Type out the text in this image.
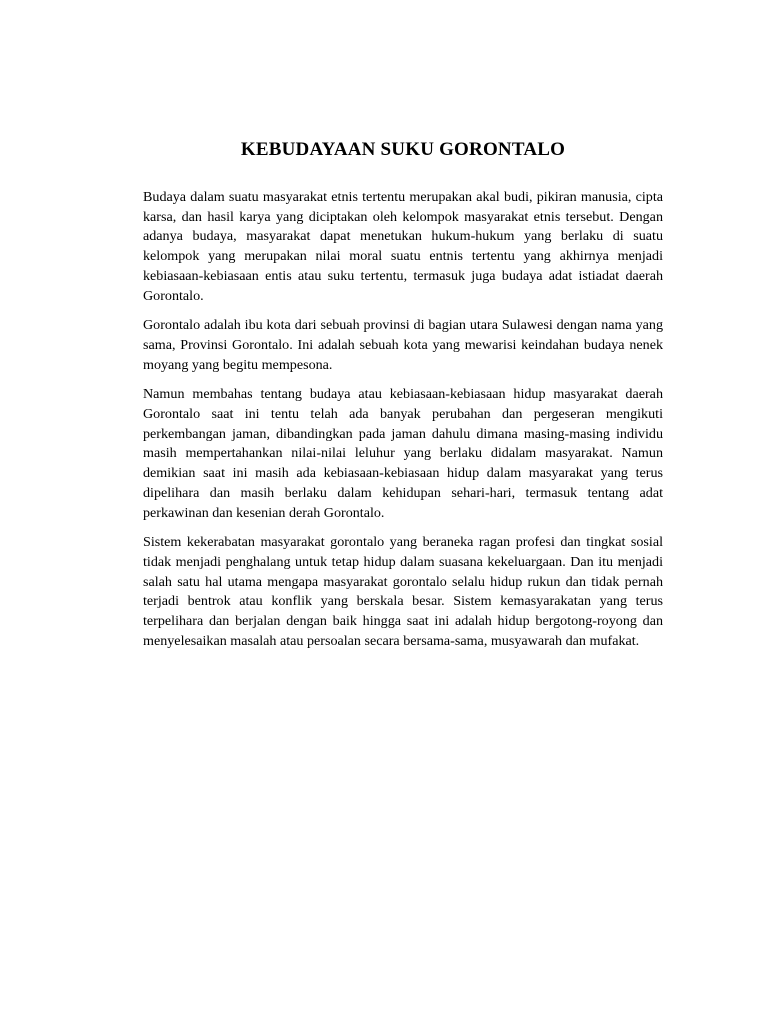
KEBUDAYAAN SUKU GORONTALO

Budaya dalam suatu masyarakat etnis tertentu merupakan akal budi, pikiran manusia, cipta karsa, dan hasil karya yang diciptakan oleh kelompok masyarakat etnis tersebut. Dengan adanya budaya, masyarakat dapat menetukan hukum-hukum yang berlaku di suatu kelompok yang merupakan nilai moral suatu entnis tertentu yang akhirnya menjadi kebiasaan-kebiasaan entis atau suku tertentu, termasuk juga budaya adat istiadat daerah Gorontalo.

Gorontalo adalah ibu kota dari sebuah provinsi di bagian utara Sulawesi dengan nama yang sama, Provinsi Gorontalo. Ini adalah sebuah kota yang mewarisi keindahan budaya nenek moyang yang begitu mempesona.

Namun membahas tentang budaya atau kebiasaan-kebiasaan hidup masyarakat daerah Gorontalo saat ini tentu telah ada banyak perubahan dan pergeseran mengikuti perkembangan jaman, dibandingkan pada jaman dahulu dimana masing-masing individu masih mempertahankan nilai-nilai leluhur yang berlaku didalam masyarakat. Namun demikian saat ini masih ada kebiasaan-kebiasaan hidup dalam masyarakat yang terus dipelihara dan masih berlaku dalam kehidupan sehari-hari, termasuk tentang adat perkawinan dan kesenian derah Gorontalo.

Sistem kekerabatan masyarakat gorontalo yang beraneka ragan profesi dan tingkat sosial tidak menjadi penghalang untuk tetap hidup dalam suasana kekeluargaan. Dan itu menjadi salah satu hal utama mengapa masyarakat gorontalo selalu hidup rukun dan tidak pernah terjadi bentrok atau konflik yang berskala besar. Sistem kemasyarakatan yang terus terpelihara dan berjalan dengan baik hingga saat ini adalah hidup bergotong-royong dan menyelesaikan masalah atau persoalan secara bersama-sama, musyawarah dan mufakat.
